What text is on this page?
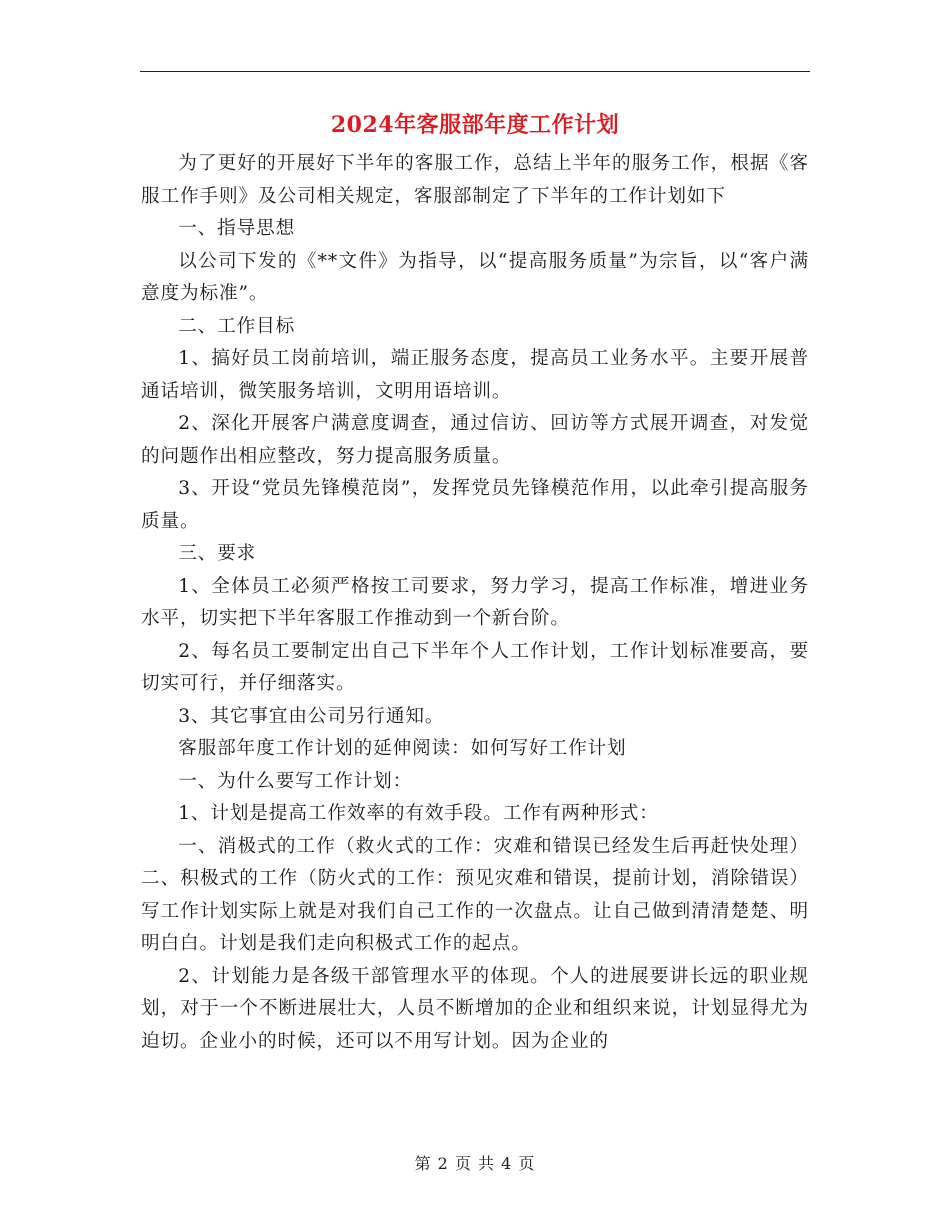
2024年客服部年度工作计划

为了更好的开展好下半年的客服工作，总结上半年的服务工作，根据《客服工作手则》及公司相关规定，客服部制定了下半年的工作计划如下

一、指导思想

以公司下发的《**文件》为指导，以“提高服务质量”为宗旨，以“客户满意度为标准”。

二、工作目标

1、搞好员工岗前培训，端正服务态度，提高员工业务水平。主要开展普通话培训，微笑服务培训，文明用语培训。

2、深化开展客户满意度调查，通过信访、回访等方式展开调查，对发觉的问题作出相应整改，努力提高服务质量。

3、开设“党员先锋模范岗”，发挥党员先锋模范作用，以此牵引提高服务质量。

三、要求

1、全体员工必须严格按工司要求，努力学习，提高工作标准，增进业务水平，切实把下半年客服工作推动到一个新台阶。

2、每名员工要制定出自己下半年个人工作计划，工作计划标准要高，要切实可行，并仔细落实。

3、其它事宜由公司另行通知。

客服部年度工作计划的延伸阅读：如何写好工作计划

一、为什么要写工作计划：

1、计划是提高工作效率的有效手段。工作有两种形式：

一、消极式的工作（救火式的工作：灾难和错误已经发生后再赶快处理）二、积极式的工作（防火式的工作：预见灾难和错误，提前计划，消除错误）写工作计划实际上就是对我们自己工作的一次盘点。让自己做到清清楚楚、明明白白。计划是我们走向积极式工作的起点。

2、计划能力是各级干部管理水平的体现。个人的进展要讲长远的职业规划，对于一个不断进展壮大，人员不断增加的企业和组织来说，计划显得尤为迫切。企业小的时候，还可以不用写计划。因为企业的

第 2 页 共 4 页
